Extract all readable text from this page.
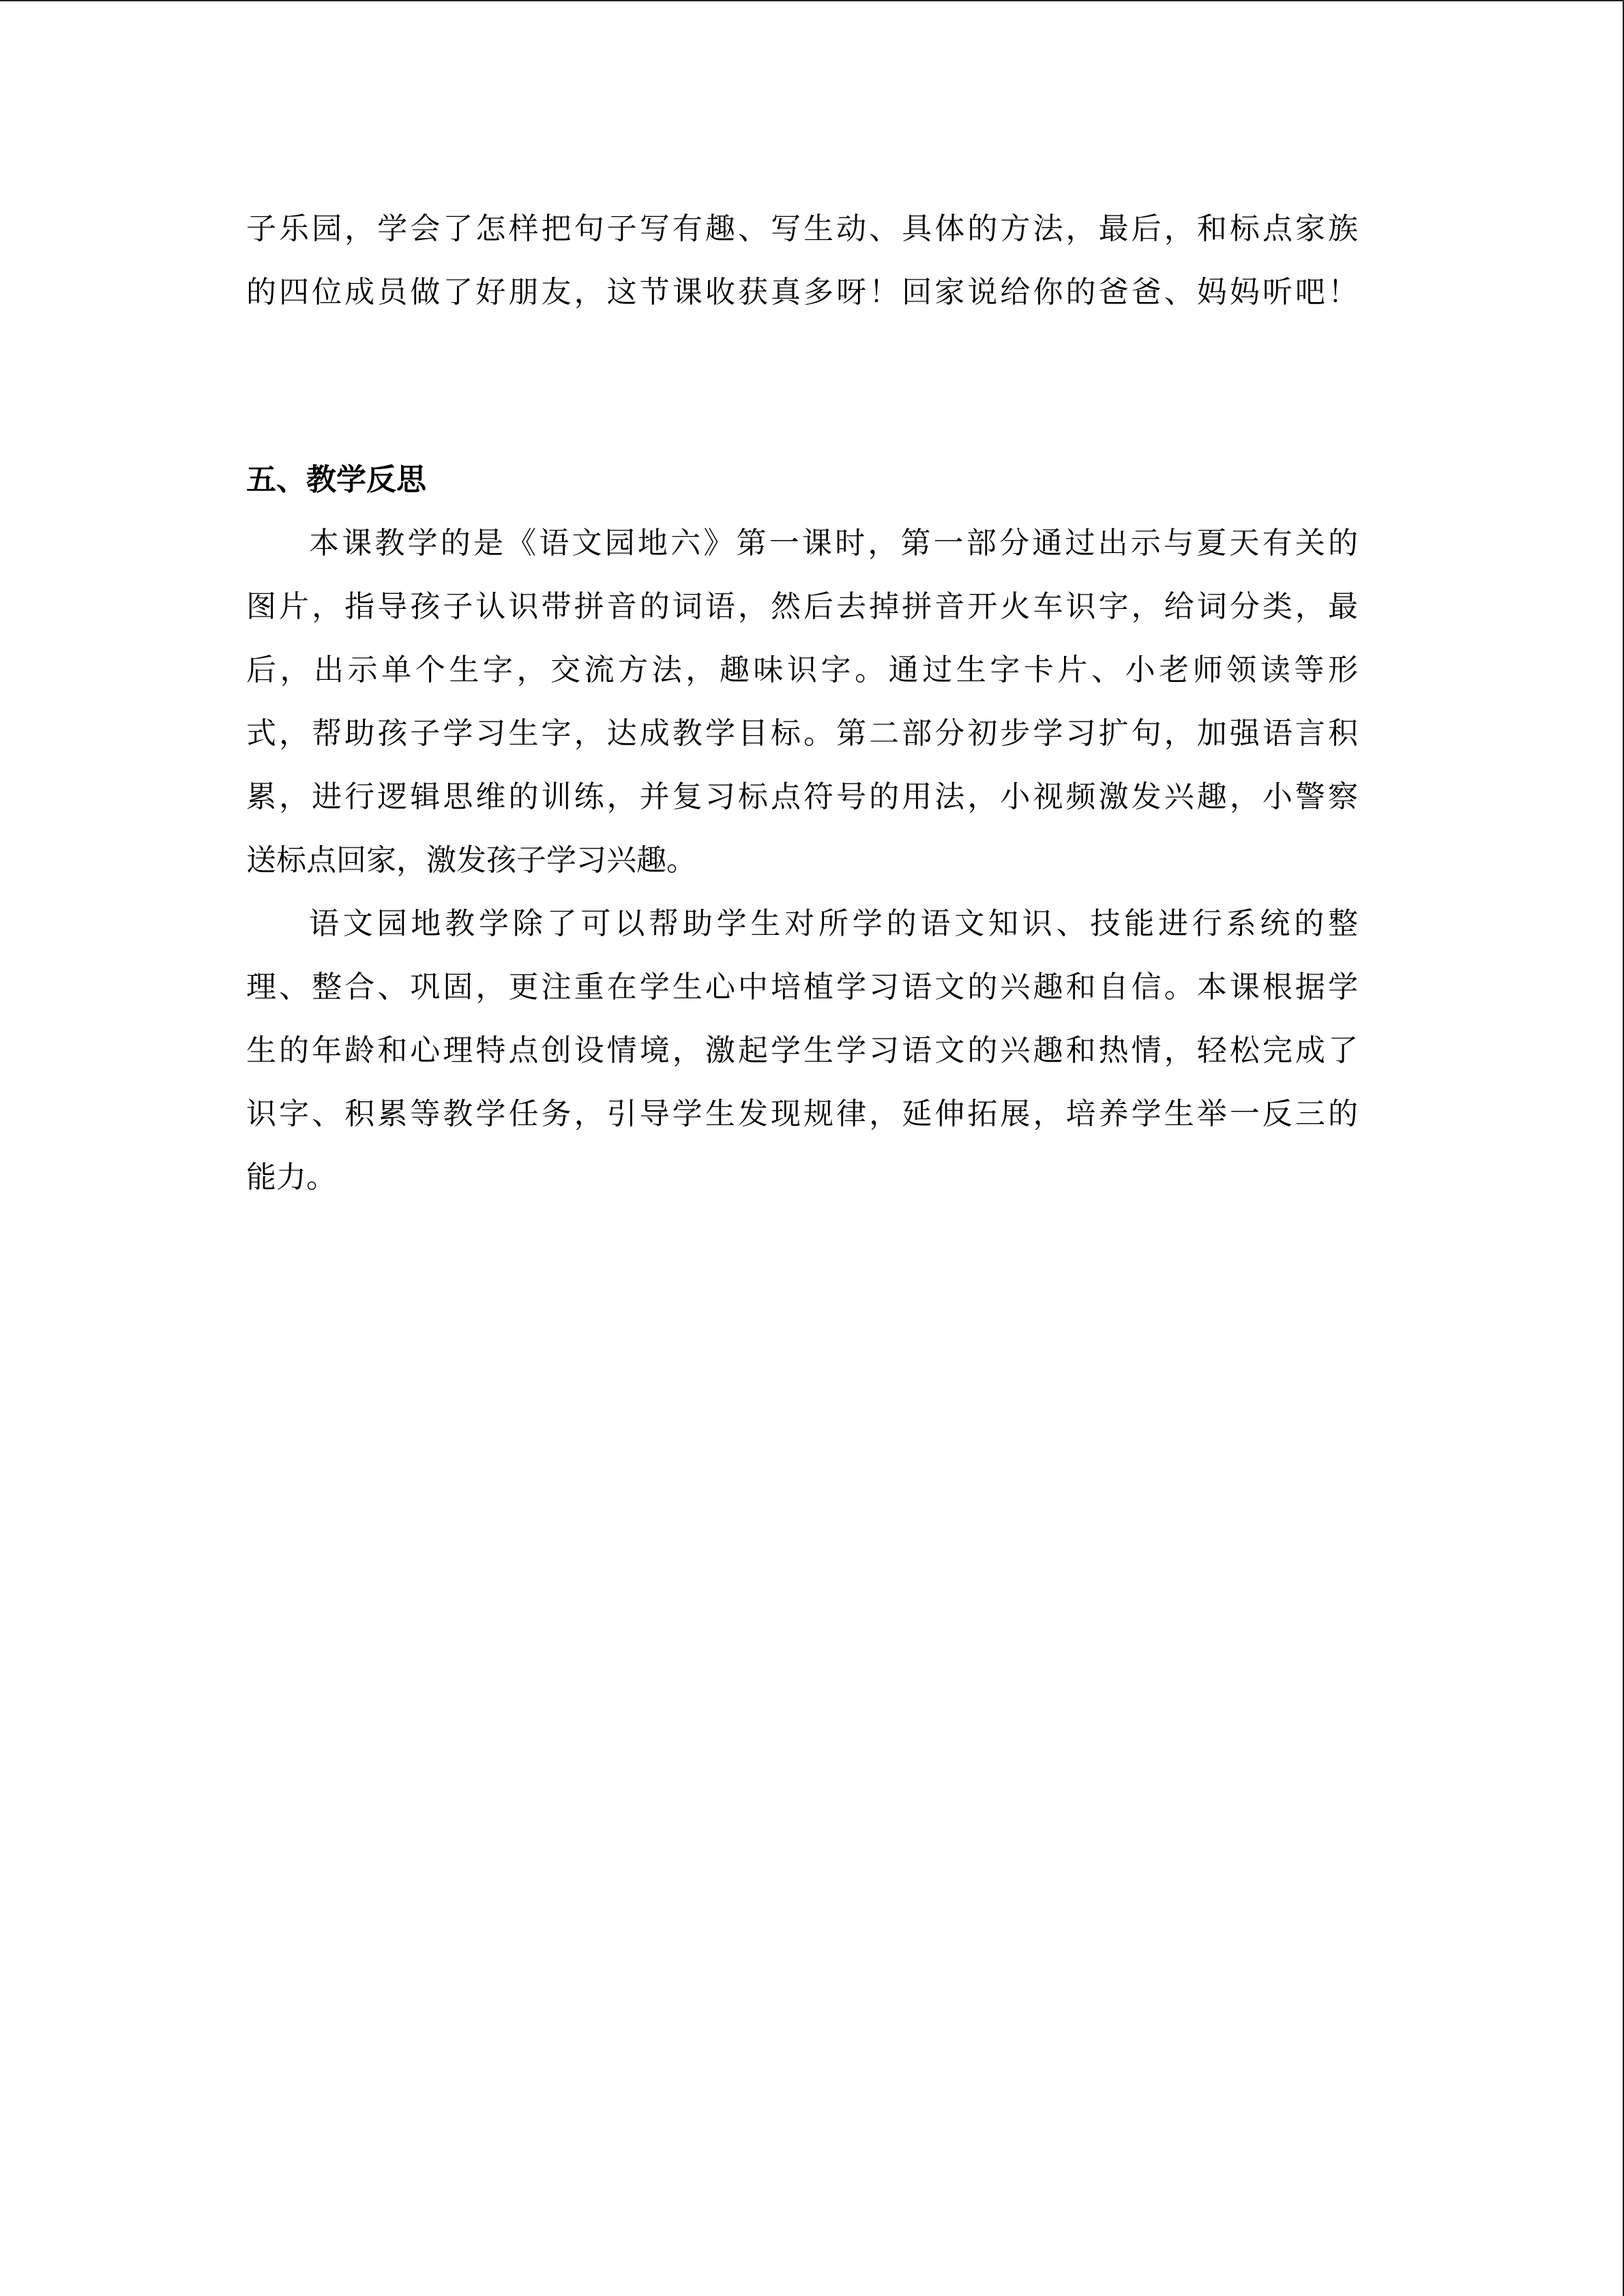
子乐园，学会了怎样把句子写有趣、写生动、具体的方法，最后，和标点家族

的四位成员做了好朋友，这节课收获真多呀！回家说给你的爸爸、妈妈听吧！

五、教学反思

本课教学的是《语文园地六》第一课时，第一部分通过出示与夏天有关的

图片，指导孩子认识带拼音的词语，然后去掉拼音开火车识字，给词分类，最

后，出示单个生字，交流方法，趣味识字。通过生字卡片、小老师领读等形

式，帮助孩子学习生字，达成教学目标。第二部分初步学习扩句，加强语言积

累，进行逻辑思维的训练，并复习标点符号的用法，小视频激发兴趣，小警察

送标点回家，激发孩子学习兴趣。

语文园地教学除了可以帮助学生对所学的语文知识、技能进行系统的整

理、整合、巩固，更注重在学生心中培植学习语文的兴趣和自信。本课根据学

生的年龄和心理特点创设情境，激起学生学习语文的兴趣和热情，轻松完成了

识字、积累等教学任务，引导学生发现规律，延伸拓展，培养学生举一反三的

能力。
